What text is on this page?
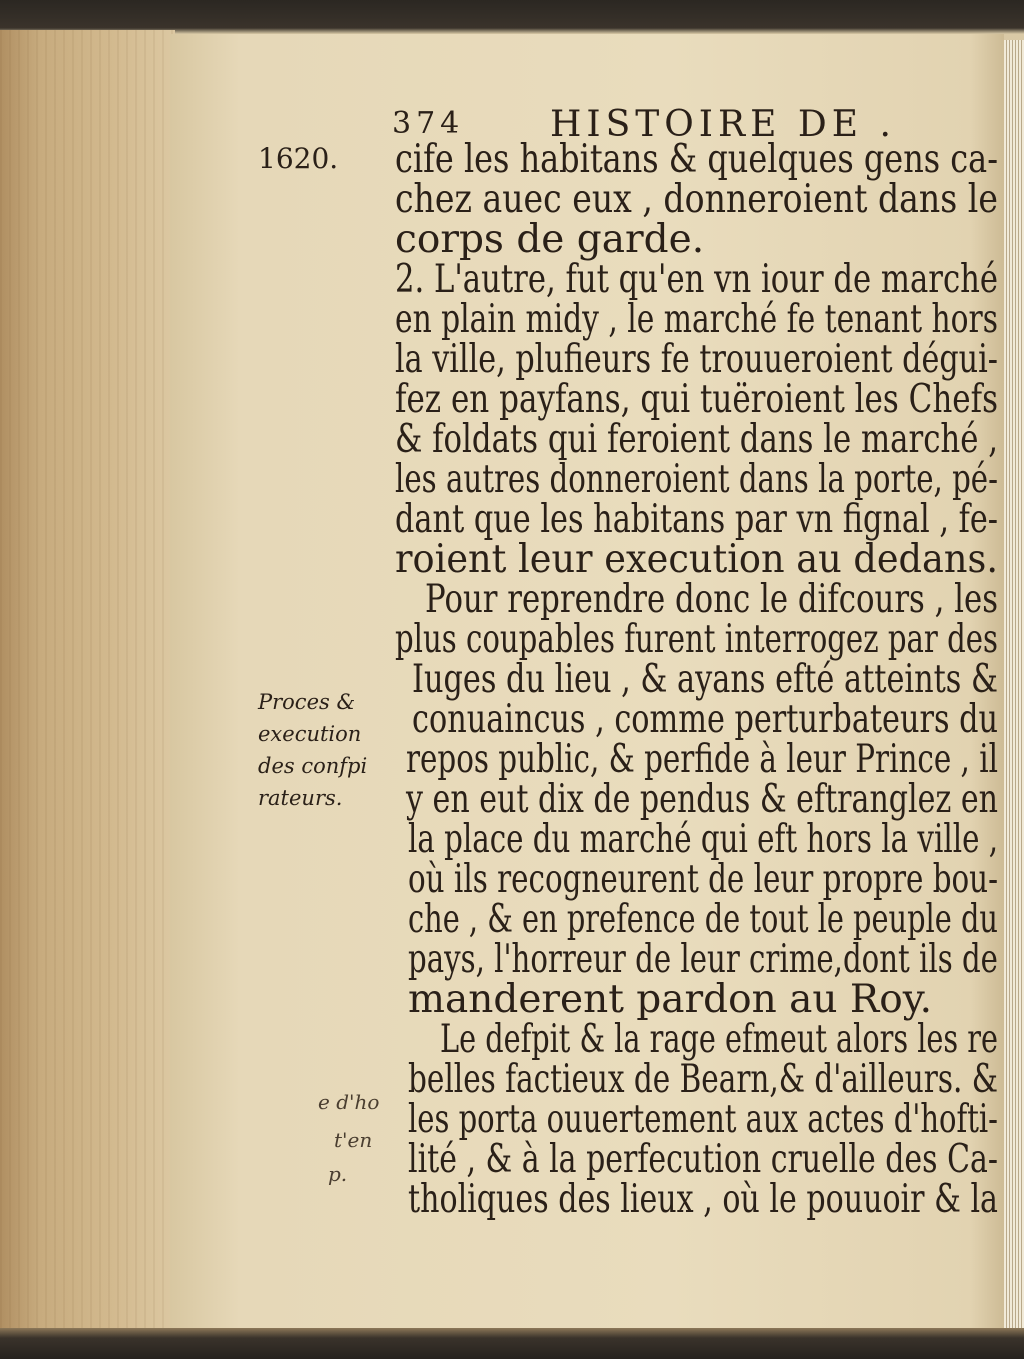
374 HISTOIRE DE .
1620.
Proces &
execution
des confpi
rateurs.
e d'ho
t'en
p.
cife les habitans & quelques gens ca-
chez auec eux , donneroient dans le
corps de garde.
2. L'autre, fut qu'en vn iour de marché
en plain midy , le marché fe tenant hors
la ville, plufieurs fe trouueroient dégui-
fez en payfans, qui tuëroient les Chefs
& foldats qui feroient dans le marché ,
les autres donneroient dans la porte, pé-
dant que les habitans par vn fignal , fe-
roient leur execution au dedans.
Pour reprendre donc le difcours , les
plus coupables furent interrogez par des
Iuges du lieu , & ayans efté atteints &
conuaincus , comme perturbateurs du
repos public, & perfide à leur Prince , il
y en eut dix de pendus & eftranglez en
la place du marché qui eft hors la ville ,
où ils recogneurent de leur propre bou-
che , & en prefence de tout le peuple du
pays, l'horreur de leur crime,dont ils de
manderent pardon au Roy.
Le defpit & la rage efmeut alors les re
belles factieux de Bearn,& d'ailleurs. &
les porta ouuertement aux actes d'hofti-
lité , & à la perfecution cruelle des Ca-
tholiques des lieux , où le pouuoir & la
